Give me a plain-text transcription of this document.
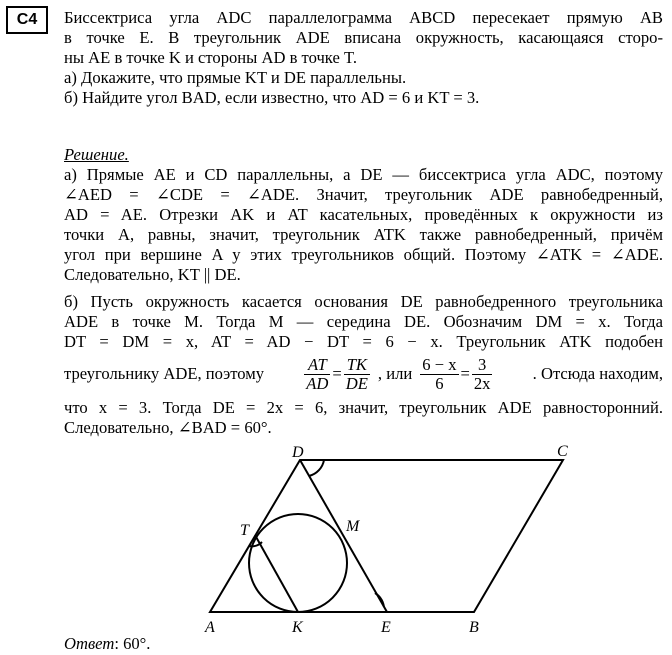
C4	Биссектриса угла ADC параллелограмма ABCD пересекает прямую AB
в точке E. В треугольник ADE вписана окружность, касающаяся сторо-
ны AE в точке K и стороны AD в точке T.
а) Докажите, что прямые KT и DE параллельны.
б) Найдите угол BAD, если известно, что AD = 6 и KT = 3.
Решение.
а) Прямые AE и CD параллельны, а DE — биссектриса угла ADC, поэтому
∠AED = ∠CDE = ∠ADE. Значит, треугольник ADE равнобедренный,
AD = AE. Отрезки AK и AT касательных, проведённых к окружности из
точки A, равны, значит, треугольник ATK также равнобедренный, причём
угол при вершине A у этих треугольников общий. Поэтому ∠ATK = ∠ADE.
Следовательно, KT || DE.
б) Пусть окружность касается основания DE равнобедренного треугольника
ADE в точке M. Тогда M — середина DE. Обозначим DM = x. Тогда
DT = DM = x, AT = AD − DT = 6 − x. Треугольник ATK подобен
треугольнику ADE, поэтому $\frac{AT}{AD} = \frac{TK}{DE}$ , или $\frac{6 - x}{6} = \frac{3}{2x}$ . Отсюда находим,
что x = 3. Тогда DE = 2x = 6, значит, треугольник ADE равносторонний.
Следовательно, ∠BAD = 60°.
D	C
T	M
A	K	E	B
Ответ: 60°.
